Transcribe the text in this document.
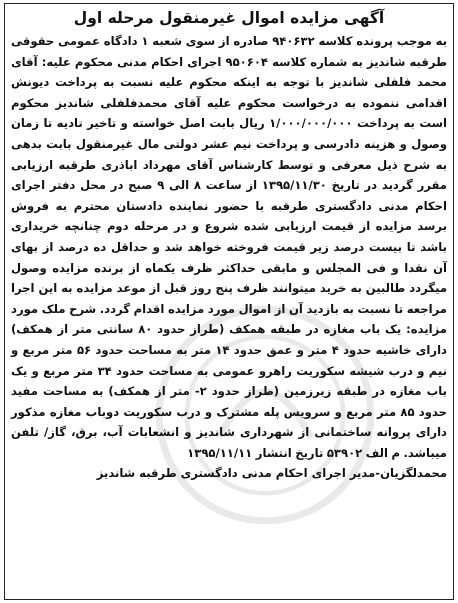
آگهی مزایده اموال غیرمنقول مرحله اول

به موجب پرونده کلاسه ۹۴۰۶۳۲ صادره از سوی شعبه ۱ دادگاه عمومی حقوقی طرقبه شاندیز به شماره کلاسه ۹۵۰۶۰۴ اجرای احکام مدنی محکوم علیه: آقای محمد فلفلی شاندیز با توجه به اینکه محکوم علیه نسبت به پرداخت دیونش اقدامی ننموده به درخواست محکوم علیه آقای محمدفلفلی شاندیز محکوم است به پرداخت ۱/۰۰۰/۰۰۰/۰۰۰ ریال بابت اصل خواسته و تاخیر تادیه تا زمان وصول و هزینه دادرسی و پرداخت نیم عشر دولتی مال غیرمنقول بابت بدهی به شرح ذیل معرفی و توسط کارشناس آقای مهرداد اباذری طرقبه ارزیابی مقرر گردید در تاریخ ۱۳۹۵/۱۱/۳۰ از ساعت ۸ الی ۹ صبح در محل دفتر اجرای احکام مدنی دادگستری طرقبه با حضور نماینده دادستان محترم به فروش برسد مزایده از قیمت ارزیابی شده شروع و در مرحله دوم چنانچه خریداری باشد تا بیست درصد زیر قیمت فروخته خواهد شد و حداقل ده درصد از بهای آن نقدا و فی المجلس و مابقی حداکثر ظرف یکماه از برنده مزایده وصول میگردد طالبین به خرید میتوانند ظرف پنج روز قبل از موعد مزایده به این اجرا مراجعه تا نسبت به بازدید آن از اموال مورد مزایده اقدام گردد. شرح ملک مورد مزایده: یک باب مغازه در طبقه همکف (طراز حدود ۸۰ سانتی متر از همکف) دارای خاشیه حدود ۴ متر و عمق حدود ۱۴ متر به مساحت حدود ۵۶ متر مربع و نیم و درب شیشه سکوریت راهرو عمومی به مساحت حدود ۳۴ متر مربع و یک باب مغازه در طبقه زیرزمین (طراز حدود ۲- متر از همکف) به مساحت مفید حدود ۸۵ متر مربع و سرویس پله مشترک و درب سکوریت دوباب مغازه مذکور دارای پروانه ساختمانی از شهرداری شاندیز و انشعابات آب، برق، گاز/ تلفن میباشد. م الف ۵۳۹۰۲ تاریخ انتشار ۱۳۹۵/۱۱/۱۱

محمدلگزیان-مدیر اجرای احکام مدنی دادگستری طرقبه شاندیز
